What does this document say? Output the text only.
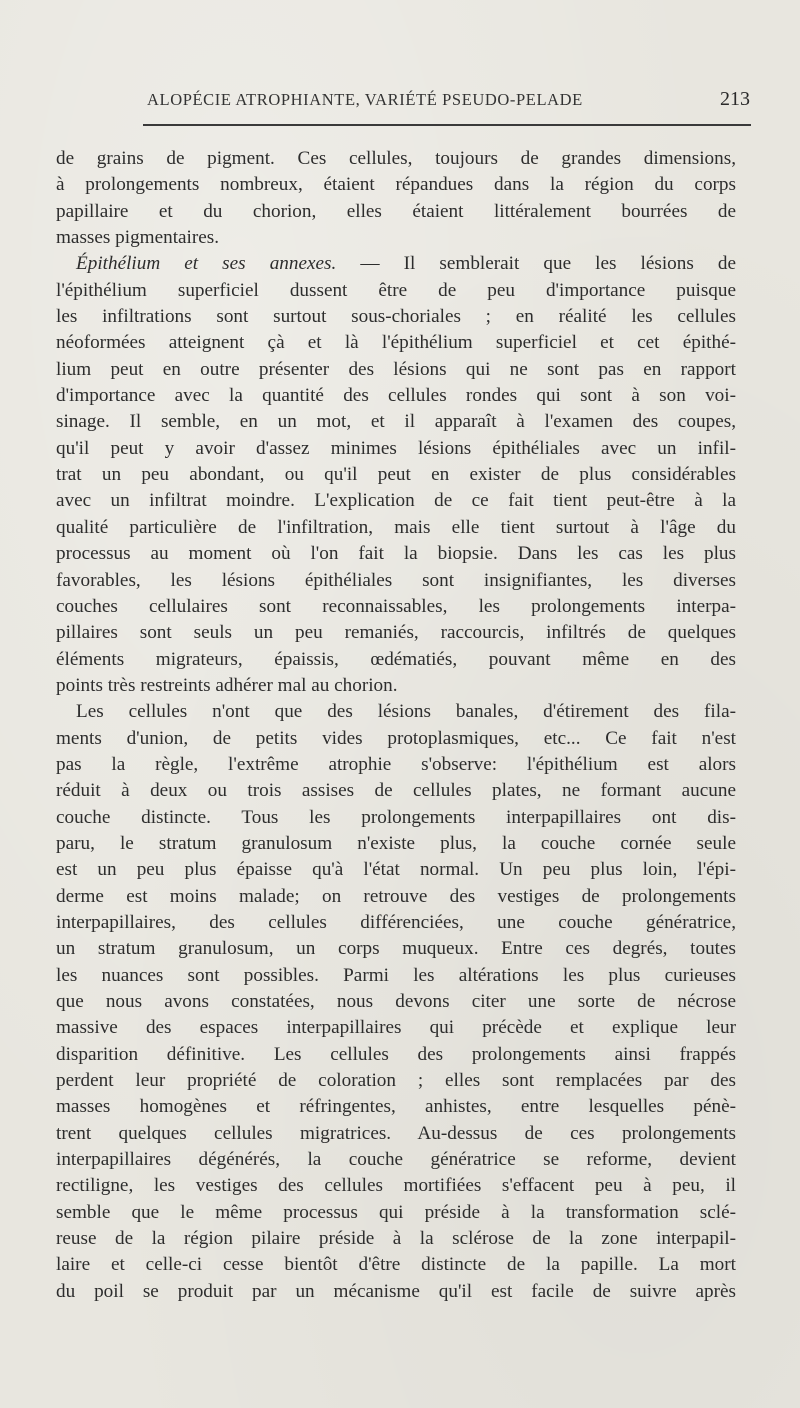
ALOPÉCIE ATROPHIANTE, VARIÉTÉ PSEUDO-PELADE	213
de grains de pigment. Ces cellules, toujours de grandes dimensions,
à prolongements nombreux, étaient répandues dans la région du corps
papillaire et du chorion, elles étaient littéralement bourrées de
masses pigmentaires.
Épithélium et ses annexes. — Il semblerait que les lésions de
l'épithélium superficiel dussent être de peu d'importance puisque
les infiltrations sont surtout sous-choriales ; en réalité les cellules
néoformées atteignent çà et là l'épithélium superficiel et cet épithé-
lium peut en outre présenter des lésions qui ne sont pas en rapport
d'importance avec la quantité des cellules rondes qui sont à son voi-
sinage. Il semble, en un mot, et il apparaît à l'examen des coupes,
qu'il peut y avoir d'assez minimes lésions épithéliales avec un infil-
trat un peu abondant, ou qu'il peut en exister de plus considérables
avec un infiltrat moindre. L'explication de ce fait tient peut-être à la
qualité particulière de l'infiltration, mais elle tient surtout à l'âge du
processus au moment où l'on fait la biopsie. Dans les cas les plus
favorables, les lésions épithéliales sont insignifiantes, les diverses
couches cellulaires sont reconnaissables, les prolongements interpa-
pillaires sont seuls un peu remaniés, raccourcis, infiltrés de quelques
éléments migrateurs, épaissis, œdématiés, pouvant même en des
points très restreints adhérer mal au chorion.
Les cellules n'ont que des lésions banales, d'étirement des fila-
ments d'union, de petits vides protoplasmiques, etc... Ce fait n'est
pas la règle, l'extrême atrophie s'observe: l'épithélium est alors
réduit à deux ou trois assises de cellules plates, ne formant aucune
couche distincte. Tous les prolongements interpapillaires ont dis-
paru, le stratum granulosum n'existe plus, la couche cornée seule
est un peu plus épaisse qu'à l'état normal. Un peu plus loin, l'épi-
derme est moins malade; on retrouve des vestiges de prolongements
interpapillaires, des cellules différenciées, une couche génératrice,
un stratum granulosum, un corps muqueux. Entre ces degrés, toutes
les nuances sont possibles. Parmi les altérations les plus curieuses
que nous avons constatées, nous devons citer une sorte de nécrose
massive des espaces interpapillaires qui précède et explique leur
disparition définitive. Les cellules des prolongements ainsi frappés
perdent leur propriété de coloration ; elles sont remplacées par des
masses homogènes et réfringentes, anhistes, entre lesquelles pénè-
trent quelques cellules migratrices. Au-dessus de ces prolongements
interpapillaires dégénérés, la couche génératrice se reforme, devient
rectiligne, les vestiges des cellules mortifiées s'effacent peu à peu, il
semble que le même processus qui préside à la transformation sclé-
reuse de la région pilaire préside à la sclérose de la zone interpapil-
laire et celle-ci cesse bientôt d'être distincte de la papille. La mort
du poil se produit par un mécanisme qu'il est facile de suivre après
